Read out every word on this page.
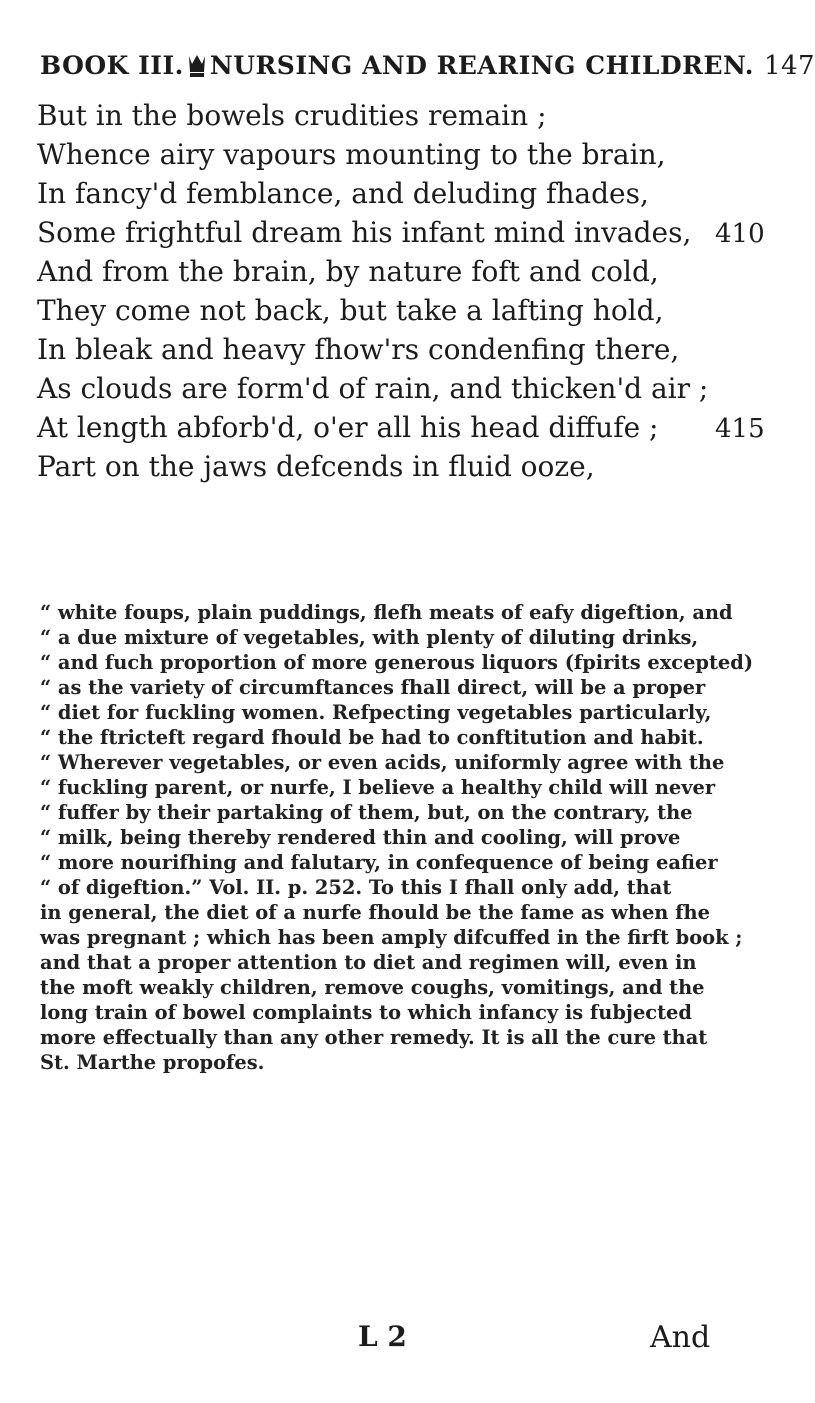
BOOK III. NURSING AND REARING CHILDREN. 147
But in the bowels crudities remain ;
Whence airy vapours mounting to the brain,
In fancy'd femblance, and deluding fhades,
Some frightful dream his infant mind invades, 410
And from the brain, by nature foft and cold,
They come not back, but take a lafting hold,
In bleak and heavy fhow'rs condenfing there,
As clouds are form'd of rain, and thicken'd air ;
At length abforb'd, o'er all his head diffufe ; 415
Part on the jaws defcends in fluid ooze,
“ white foups, plain puddings, flefh meats of eafy digeftion, and
“ a due mixture of vegetables, with plenty of diluting drinks,
“ and fuch proportion of more generous liquors (fpirits excepted)
“ as the variety of circumftances fhall direct, will be a proper
“ diet for fuckling women. Refpecting vegetables particularly,
“ the ftricteft regard fhould be had to conftitution and habit.
“ Wherever vegetables, or even acids, uniformly agree with the
“ fuckling parent, or nurfe, I believe a healthy child will never
“ fuffer by their partaking of them, but, on the contrary, the
“ milk, being thereby rendered thin and cooling, will prove
“ more nourifhing and falutary, in confequence of being eafier
“ of digeftion.” Vol. II. p. 252. To this I fhall only add, that
in general, the diet of a nurfe fhould be the fame as when fhe
was pregnant ; which has been amply difcuffed in the firft book ;
and that a proper attention to diet and regimen will, even in
the moft weakly children, remove coughs, vomitings, and the
long train of bowel complaints to which infancy is fubjected
more effectually than any other remedy. It is all the cure that
St. Marthe propofes.
L 2	And
